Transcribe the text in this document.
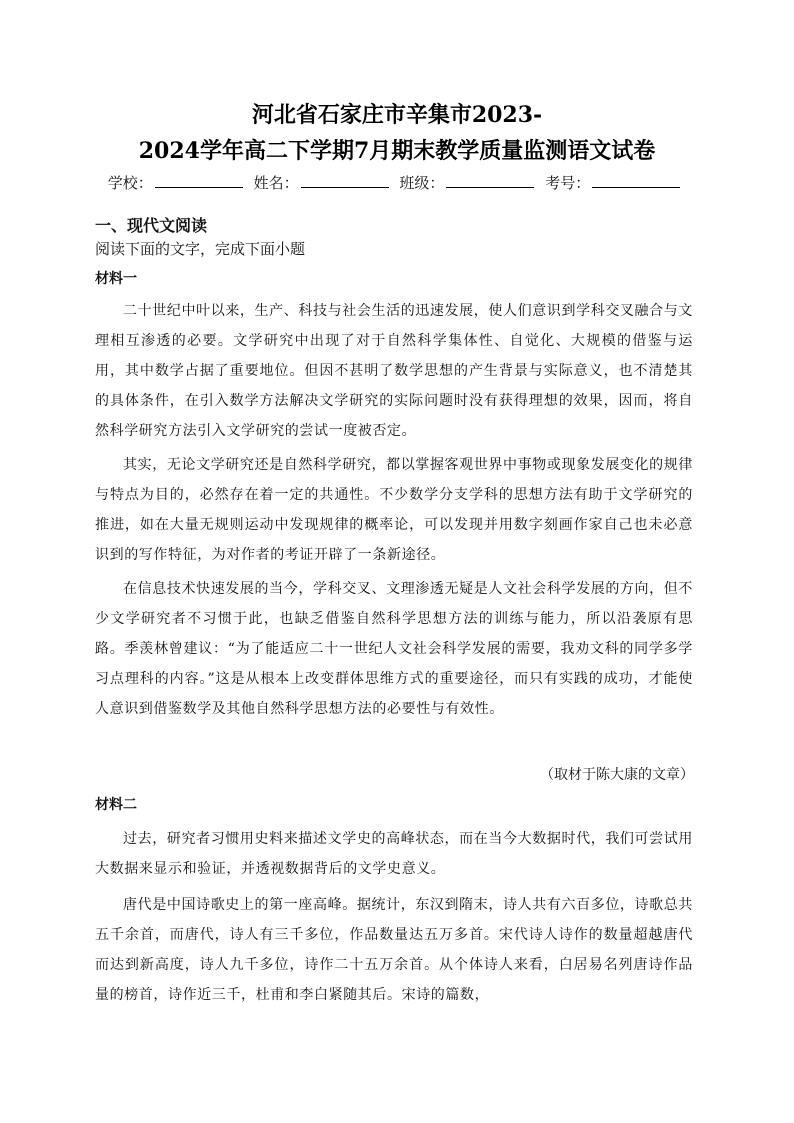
河北省石家庄市辛集市2023-
2024学年高二下学期7月期末教学质量监测语文试卷
学校：	姓名：	班级：	考号：
一、现代文阅读
阅读下面的文字，完成下面小题
材料一

二十世纪中叶以来，生产、科技与社会生活的迅速发展，使人们意识到学科交叉融合与文理相互渗透的必要。文学研究中出现了对于自然科学集体性、自觉化、大规模的借鉴与运用，其中数学占据了重要地位。但因不甚明了数学思想的产生背景与实际意义，也不清楚其的具体条件，在引入数学方法解决文学研究的实际问题时没有获得理想的效果，因而，将自然科学研究方法引入文学研究的尝试一度被否定。

其实，无论文学研究还是自然科学研究，都以掌握客观世界中事物或现象发展变化的规律与特点为目的，必然存在着一定的共通性。不少数学分支学科的思想方法有助于文学研究的推进，如在大量无规则运动中发现规律的概率论，可以发现并用数字刻画作家自己也未必意识到的写作特征，为对作者的考证开辟了一条新途径。

在信息技术快速发展的当今，学科交叉、文理渗透无疑是人文社会科学发展的方向，但不少文学研究者不习惯于此，也缺乏借鉴自然科学思想方法的训练与能力，所以沿袭原有思路。季羡林曾建议：“为了能适应二十一世纪人文社会科学发展的需要，我劝文科的同学多学习点理科的内容。”这是从根本上改变群体思维方式的重要途径，而只有实践的成功，才能使人意识到借鉴数学及其他自然科学思想方法的必要性与有效性。

（取材于陈大康的文章）
材料二

过去，研究者习惯用史料来描述文学史的高峰状态，而在当今大数据时代，我们可尝试用大数据来显示和验证，并透视数据背后的文学史意义。

唐代是中国诗歌史上的第一座高峰。据统计，东汉到隋末，诗人共有六百多位，诗歌总共五千余首，而唐代，诗人有三千多位，作品数量达五万多首。宋代诗人诗作的数量超越唐代而达到新高度，诗人九千多位，诗作二十五万余首。从个体诗人来看，白居易名列唐诗作品量的榜首，诗作近三千，杜甫和李白紧随其后。宋诗的篇数，
